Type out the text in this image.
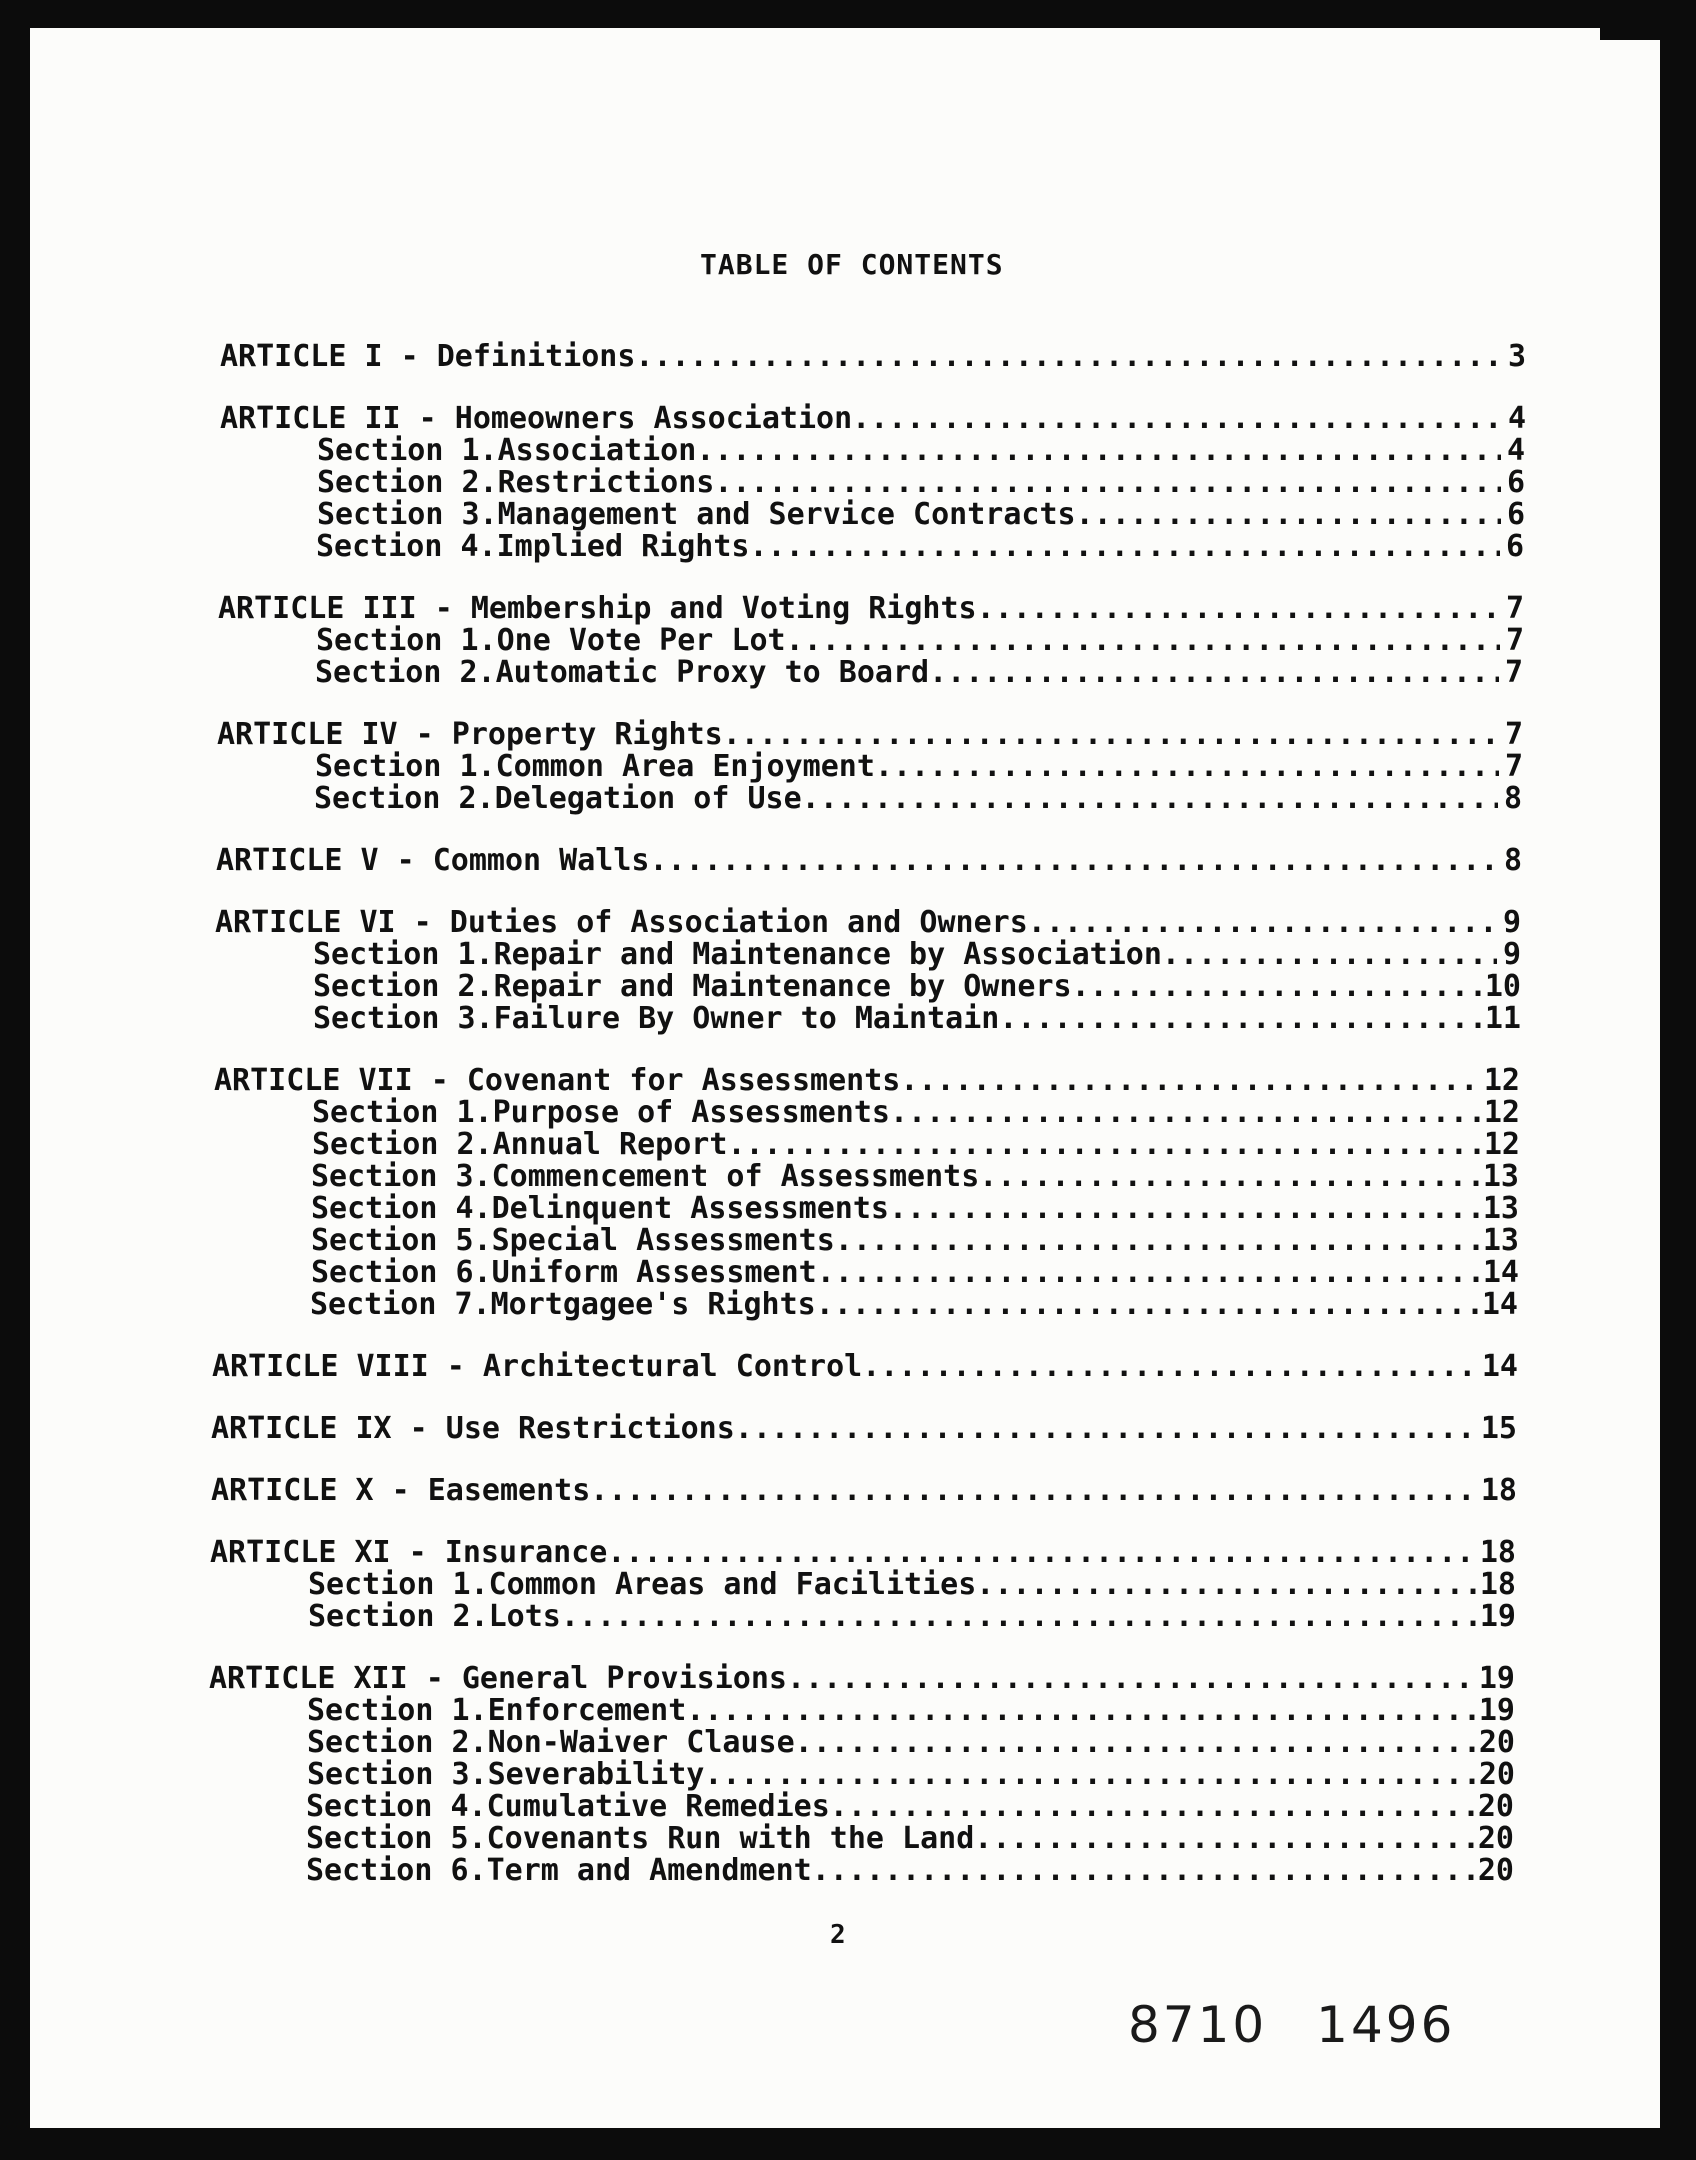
TABLE OF CONTENTS
ARTICLE I - Definitions .....	3
ARTICLE II - Homeowners Association .....	4
Section 1. Association .....	4
Section 2. Restrictions .....	6
Section 3. Management and Service Contracts .....	6
Section 4. Implied Rights .....	6
ARTICLE III - Membership and Voting Rights .....	7
Section 1. One Vote Per Lot .....	7
Section 2. Automatic Proxy to Board .....	7
ARTICLE IV - Property Rights .....	7
Section 1. Common Area Enjoyment .....	7
Section 2. Delegation of Use .....	8
ARTICLE V - Common Walls .....	8
ARTICLE VI - Duties of Association and Owners .....	9
Section 1. Repair and Maintenance by Association .....	9
Section 2. Repair and Maintenance by Owners .....	10
Section 3. Failure By Owner to Maintain .....	11
ARTICLE VII - Covenant for Assessments .....	12
Section 1. Purpose of Assessments .....	12
Section 2. Annual Report .....	12
Section 3. Commencement of Assessments .....	13
Section 4. Delinquent Assessments .....	13
Section 5. Special Assessments .....	13
Section 6. Uniform Assessment .....	14
Section 7. Mortgagee's Rights .....	14
ARTICLE VIII - Architectural Control .....	14
ARTICLE IX - Use Restrictions .....	15
ARTICLE X - Easements .....	18
ARTICLE XI - Insurance .....	18
Section 1. Common Areas and Facilities .....	18
Section 2. Lots .....	19
ARTICLE XII - General Provisions .....	19
Section 1. Enforcement .....	19
Section 2. Non-Waiver Clause .....	20
Section 3. Severability .....	20
Section 4. Cumulative Remedies .....	20
Section 5. Covenants Run with the Land .....	20
Section 6. Term and Amendment .....	20
2
8710 1496
